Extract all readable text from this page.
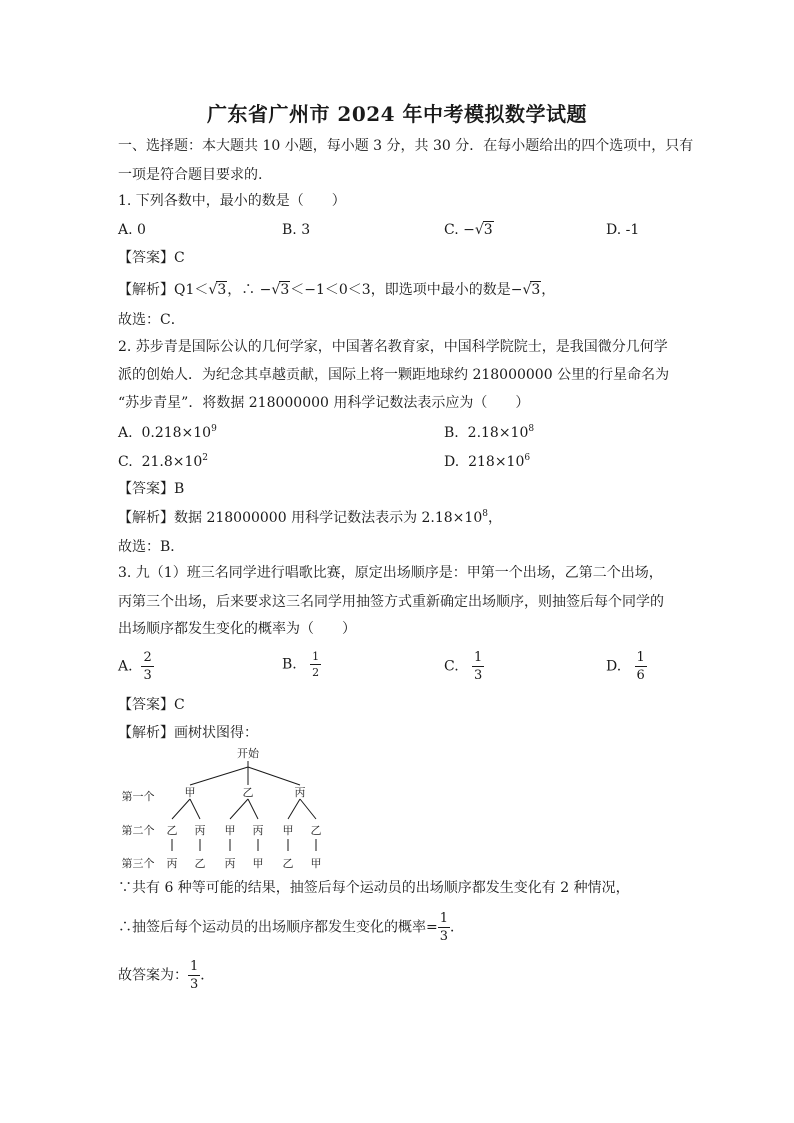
广东省广州市 2024 年中考模拟数学试题
一、选择题：本大题共 10 小题，每小题 3 分，共 30 分．在每小题给出的四个选项中，只有
一项是符合题目要求的.
1. 下列各数中，最小的数是（　　）
A. 0	B. 3	C. −√3	D. -1
【答案】C
【解析】Q1＜√3，∴ −√3＜−1＜0＜3，即选项中最小的数是−√3，
故选：C．
2. 苏步青是国际公认的几何学家，中国著名教育家，中国科学院院士，是我国微分几何学
派的创始人．为纪念其卓越贡献，国际上将一颗距地球约 218000000 公里的行星命名为
“苏步青星”．将数据 218000000 用科学记数法表示应为（　　）
A. $0.218\times 10^9$	B. $2.18\times 10^8$
C. $21.8\times 10^2$	D. $218\times 10^6$
【答案】B
【解析】数据 218000000 用科学记数法表示为 $2.18\times 10^8$，
故选：B．
3. 九（1）班三名同学进行唱歌比赛，原定出场顺序是：甲第一个出场，乙第二个出场，
丙第三个出场，后来要求这三名同学用抽签方式重新确定出场顺序，则抽签后每个同学的
出场顺序都发生变化的概率为（　　）
A. $\frac{2}{3}$	B. $\frac{1}{2}$	C. $\frac{1}{3}$	D. $\frac{1}{6}$
【答案】C
【解析】画树状图得：
开始
第一个
第二个
第三个
甲	乙	丙
乙 丙 甲 丙 甲 乙
丙 乙 丙 甲 乙 甲
∵共有 6 种等可能的结果，抽签后每个运动员的出场顺序都发生变化有 2 种情况，
∴抽签后每个运动员的出场顺序都发生变化的概率= $\frac{1}{3}$ ．
故答案为： $\frac{1}{3}$ ．
